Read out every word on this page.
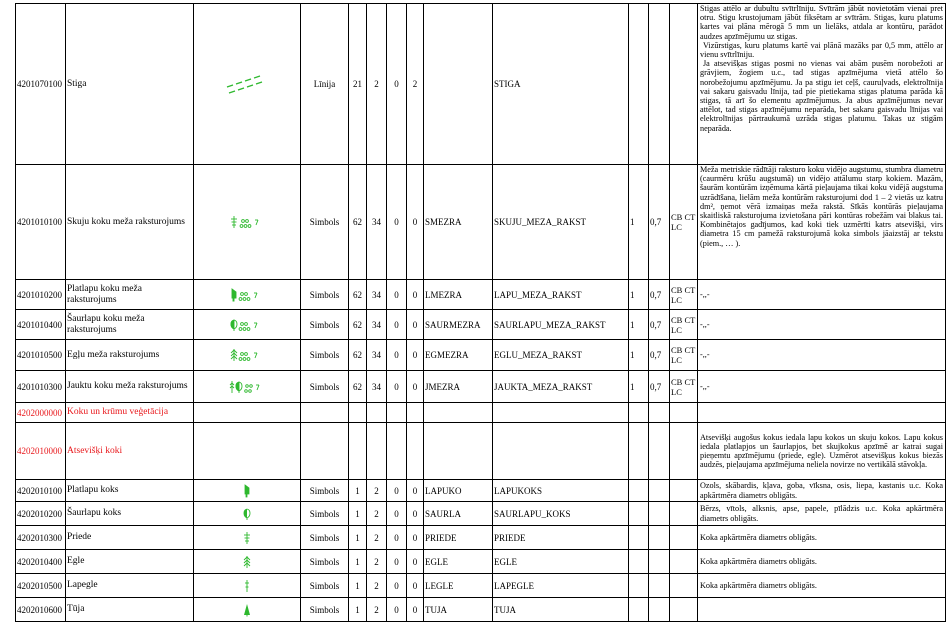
4201070100	Stiga		Līnija	21	2	0	2		STIGA				Stigas attēlo ar dubultu svītrlīniju. Svītrām jābūt novietotām vienai pret otru. Stigu krustojumam jābūt fiksētam ar svītrām. Stigas, kuru platums kartes vai plāna mērogā 5 mm un lielāks, atdala ar kontūru, parādot audzes apzīmējumu uz stigas.
Vizūrstigas, kuru platums kartē vai plānā mazāks par 0,5 mm, attēlo ar vienu svītrlīniju.
Ja atsevišķas stigas posmi no vienas vai abām pusēm norobežoti ar grāvjiem, žogiem u.c., tad stigas apzīmējuma vietā attēlo šo norobežojumu apzīmējumu. Ja pa stigu iet ceļš, cauruļvads, elektrolīnija vai sakaru gaisvadu līnija, tad pie pietiekama stigas platuma parāda kā stigas, tā arī šo elementu apzīmējumus. Ja abus apzīmējumus nevar attēlot, tad stigas apzīmējumu neparāda, bet sakaru gaisvadu līnijas vai elektrolīnijas pārtraukumā uzrāda stigas platumu. Takas uz stigām neparāda.

4201010100	Skuju koku meža raksturojums		Simbols	62	34	0	0	SMEZRA	SKUJU_MEZA_RAKST	1	0,7	CB CT LC	Meža metriskie rādītāji raksturo koku vidējo augstumu, stumbra diametru (caurmēru krūšu augstumā) un vidējo attālumu starp kokiem. Mazām, šaurām kontūrām izņēmuma kārtā pieļaujama tikai koku vidējā augstuma uzrādīšana, lielām meža kontūrām raksturojumi dod 1 – 2 vietās uz katru dm², ņemot vērā izmaiņas meža rakstā. Sīkās kontūrās pieļaujama skaitliskā raksturojuma izvietošana pāri kontūras robežām vai blakus tai. Kombinētajos gadījumos, kad koki tiek uzmērīti katrs atsevišķi, virs diametra 15 cm pamežā raksturojumā koka simbols jāaizstāj ar tekstu (piem., … ).
4201010200	Platlapu koku meža raksturojums		Simbols	62	34	0	0	LMEZRA	LAPU_MEZA_RAKST	1	0,7	CB CT LC	-,,-
4201010400	Šaurlapu koku meža raksturojums		Simbols	62	34	0	0	SAURMEZRA	SAURLAPU_MEZA_RAKST	1	0,7	CB CT LC	-,,-
4201010500	Egļu meža raksturojums		Simbols	62	34	0	0	EGMEZRA	EGLU_MEZA_RAKST	1	0,7	CB CT LC	-,,-
4201010300	Jauktu koku meža raksturojums		Simbols	62	34	0	0	JMEZRA	JAUKTA_MEZA_RAKST	1	0,7	CB CT LC	-,,-
4202000000	Koku un krūmu veģetācija												
4202010000	Atsevišķi koki												Atsevišķi augošus kokus iedala lapu kokos un skuju kokos. Lapu kokus iedala platlapjos un šaurlapjos, bet skujkokus apzīmē ar katrai sugai pieņemtu apzīmējumu (priede, egle). Uzmērot atsevišķus kokus biezās audzēs, pieļaujama apzīmējuma neliela novirze no vertikālā stāvokļa.
4202010100	Platlapu koks		Simbols	1	2	0	0	LAPUKO	LAPUKOKS				Ozols, skābardis, kļava, goba, vīksna, osis, liepa, kastanis u.c. Koka apkārtmēra diametrs obligāts.
4202010200	Šaurlapu koks		Simbols	1	2	0	0	SAURLA	SAURLAPU_KOKS				Bērzs, vītols, alksnis, apse, papele, pīlādzis u.c. Koka apkārtmēra diametrs obligāts.
4202010300	Priede		Simbols	1	2	0	0	PRIEDE	PRIEDE				Koka apkārtmēra diametrs obligāts.
4202010400	Egle		Simbols	1	2	0	0	EGLE	EGLE				Koka apkārtmēra diametrs obligāts.
4202010500	Lapegle		Simbols	1	2	0	0	LEGLE	LAPEGLE				Koka apkārtmēra diametrs obligāts.
4202010600	Tūja		Simbols	1	2	0	0	TUJA	TUJA				
